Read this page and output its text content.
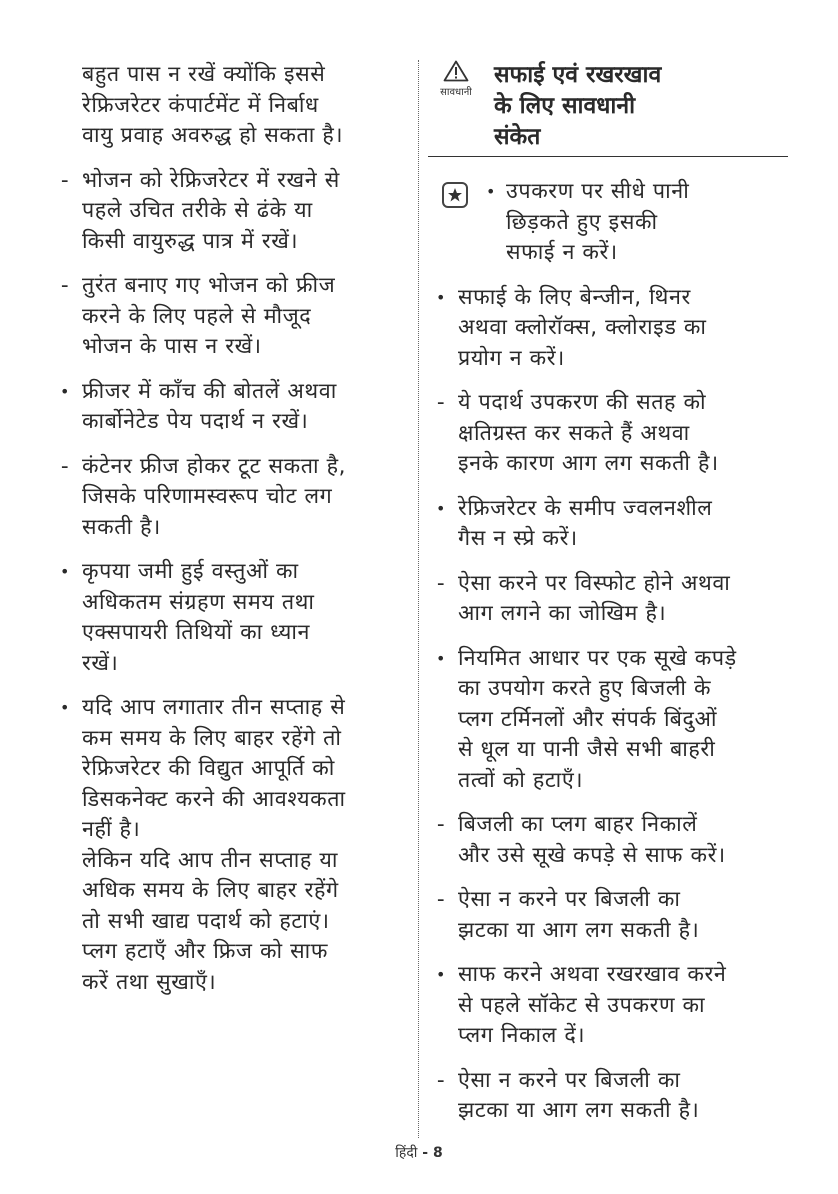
बहुत पास न रखें क्योंकि इससे
रेफ्रिजरेटर कंपार्टमेंट में निर्बाध
वायु प्रवाह अवरुद्ध हो सकता है।
- भोजन को रेफ्रिजरेटर में रखने से
पहले उचित तरीके से ढंके या
किसी वायुरुद्ध पात्र में रखें।
- तुरंत बनाए गए भोजन को फ्रीज
करने के लिए पहले से मौजूद
भोजन के पास न रखें।
• फ्रीजर में काँच की बोतलें अथवा
कार्बोनेटेड पेय पदार्थ न रखें।
- कंटेनर फ्रीज होकर टूट सकता है,
जिसके परिणामस्वरूप चोट लग
सकती है।
• कृपया जमी हुई वस्तुओं का
अधिकतम संग्रहण समय तथा
एक्सपायरी तिथियों का ध्यान
रखें।
• यदि आप लगातार तीन सप्ताह से
कम समय के लिए बाहर रहेंगे तो
रेफ्रिजरेटर की विद्युत आपूर्ति को
डिसकनेक्ट करने की आवश्यकता
नहीं है।
लेकिन यदि आप तीन सप्ताह या
अधिक समय के लिए बाहर रहेंगे
तो सभी खाद्य पदार्थ को हटाएं।
प्लग हटाएँ और फ्रिज को साफ
करें तथा सुखाएँ।
सावधानी
सफाई एवं रखरखाव
के लिए सावधानी
संकेत
• उपकरण पर सीधे पानी
छिड़कते हुए इसकी
सफाई न करें।
• सफाई के लिए बेन्जीन, थिनर
अथवा क्लोरॉक्स, क्लोराइड का
प्रयोग न करें।
- ये पदार्थ उपकरण की सतह को
क्षतिग्रस्त कर सकते हैं अथवा
इनके कारण आग लग सकती है।
• रेफ्रिजरेटर के समीप ज्वलनशील
गैस न स्प्रे करें।
- ऐसा करने पर विस्फोट होने अथवा
आग लगने का जोखिम है।
• नियमित आधार पर एक सूखे कपड़े
का उपयोग करते हुए बिजली के
प्लग टर्मिनलों और संपर्क बिंदुओं
से धूल या पानी जैसे सभी बाहरी
तत्वों को हटाएँ।
- बिजली का प्लग बाहर निकालें
और उसे सूखे कपड़े से साफ करें।
- ऐसा न करने पर बिजली का
झटका या आग लग सकती है।
• साफ करने अथवा रखरखाव करने
से पहले सॉकेट से उपकरण का
प्लग निकाल दें।
- ऐसा न करने पर बिजली का
झटका या आग लग सकती है।
हिंदी - 8
